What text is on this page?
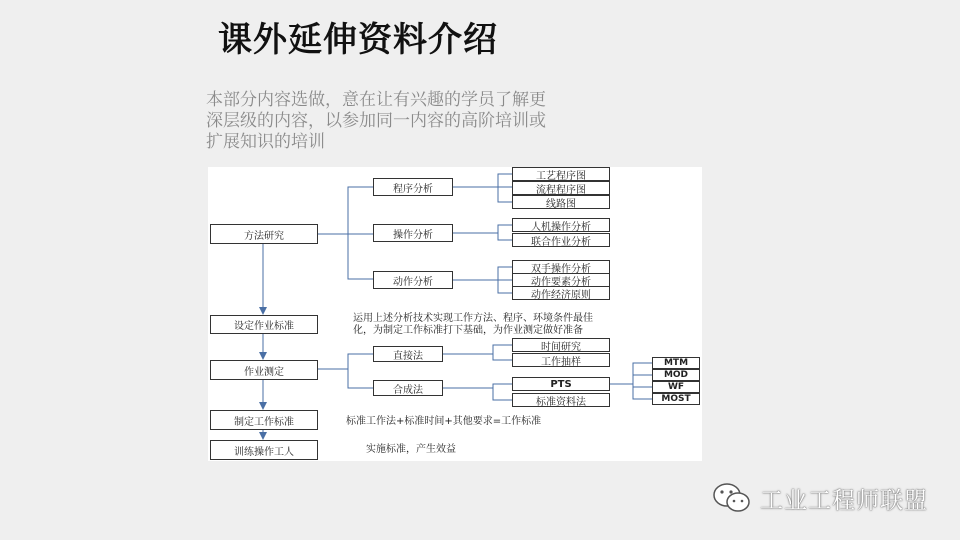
课外延伸资料介绍
本部分内容选做，意在让有兴趣的学员了解更
深层级的内容，以参加同一内容的高阶培训或
扩展知识的培训
方法研究
设定作业标准
作业测定
制定工作标准
训练操作工人
程序分析
操作分析
动作分析
工艺程序图
流程程序图
线路图
人机操作分析
联合作业分析
双手操作分析
动作要素分析
动作经济原则
运用上述分析技术实现工作方法、程序、环境条件最佳
化，为制定工作标准打下基础，为作业测定做好准备
直接法
合成法
时间研究
工作抽样
PTS
标准资料法
MTM
MOD
WF
MOST
标准工作法+标准时间+其他要求=工作标准
实施标准，产生效益
工业工程师联盟
